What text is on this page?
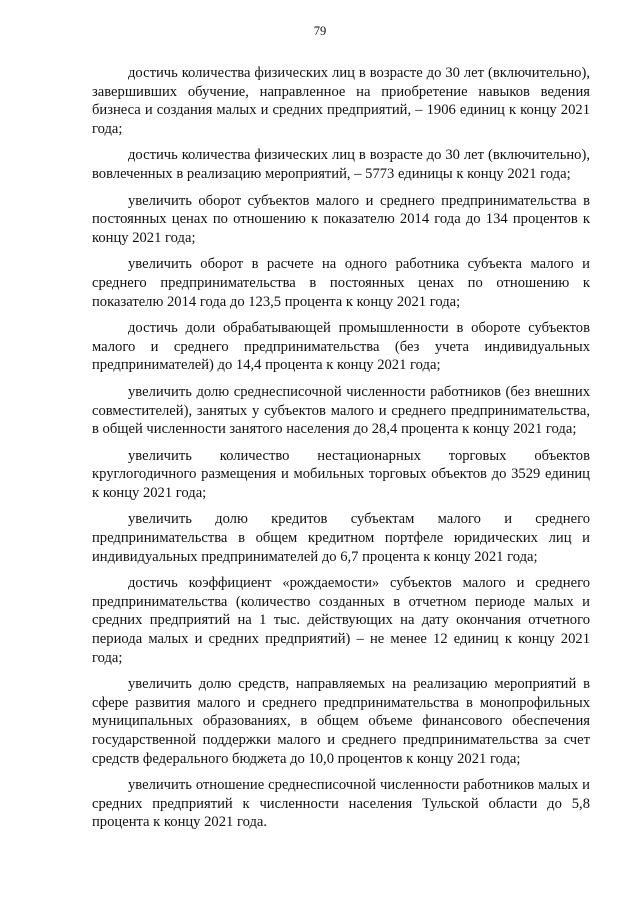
79

достичь количества физических лиц в возрасте до 30 лет (включительно), завершивших обучение, направленное на приобретение навыков ведения бизнеса и создания малых и средних предприятий, – 1906 единиц к концу 2021 года;

достичь количества физических лиц в возрасте до 30 лет (включительно), вовлеченных в реализацию мероприятий, – 5773 единицы к концу 2021 года;

увеличить оборот субъектов малого и среднего предпринимательства в постоянных ценах по отношению к показателю 2014 года до 134 процентов к концу 2021 года;

увеличить оборот в расчете на одного работника субъекта малого и среднего предпринимательства в постоянных ценах по отношению к показателю 2014 года до 123,5 процента к концу 2021 года;

достичь доли обрабатывающей промышленности в обороте субъектов малого и среднего предпринимательства (без учета индивидуальных предпринимателей) до 14,4 процента к концу 2021 года;

увеличить долю среднесписочной численности работников (без внешних совместителей), занятых у субъектов малого и среднего предпринимательства, в общей численности занятого населения до 28,4 процента к концу 2021 года;

увеличить количество нестационарных торговых объектов круглогодичного размещения и мобильных торговых объектов до 3529 единиц к концу 2021 года;

увеличить долю кредитов субъектам малого и среднего предпринимательства в общем кредитном портфеле юридических лиц и индивидуальных предпринимателей до 6,7 процента к концу 2021 года;

достичь коэффициент «рождаемости» субъектов малого и среднего предпринимательства (количество созданных в отчетном периоде малых и средних предприятий на 1 тыс. действующих на дату окончания отчетного периода малых и средних предприятий) – не менее 12 единиц к концу 2021 года;

увеличить долю средств, направляемых на реализацию мероприятий в сфере развития малого и среднего предпринимательства в монопрофильных муниципальных образованиях, в общем объеме финансового обеспечения государственной поддержки малого и среднего предпринимательства за счет средств федерального бюджета до 10,0 процентов к концу 2021 года;

увеличить отношение среднесписочной численности работников малых и средних предприятий к численности населения Тульской области до 5,8 процента к концу 2021 года.
